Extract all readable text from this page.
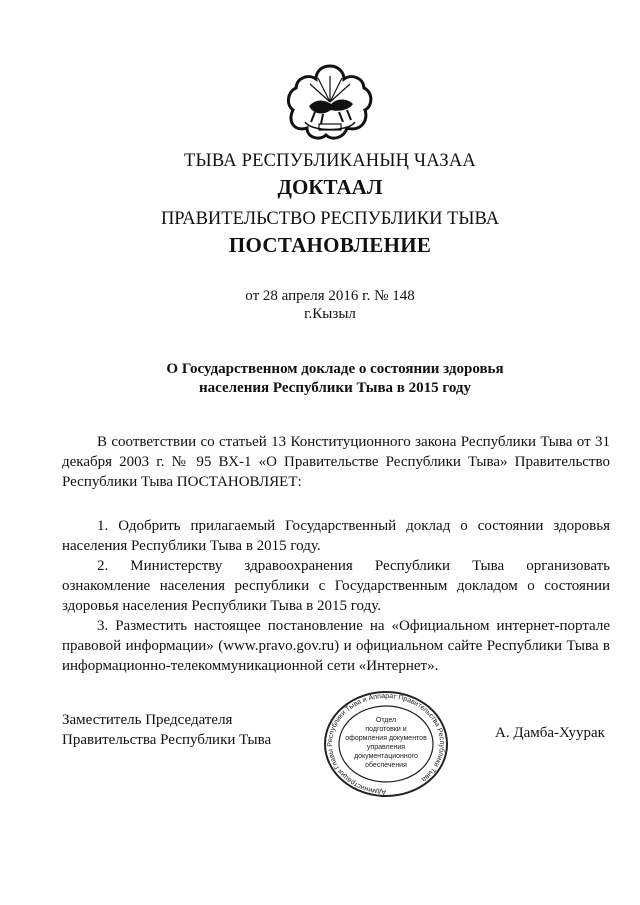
ТЫВА РЕСПУБЛИКАНЫҢ ЧАЗАА
ДОКТААЛ
ПРАВИТЕЛЬСТВО РЕСПУБЛИКИ ТЫВА
ПОСТАНОВЛЕНИЕ
от 28 апреля 2016 г. № 148
г.Кызыл
О Государственном докладе о состоянии здоровья
населения Республики Тыва в 2015 году
В соответствии со статьей 13 Конституционного закона Республики Тыва от 31 декабря 2003 г. № 95 ВХ-1 «О Правительстве Республики Тыва» Правительство Республики Тыва ПОСТАНОВЛЯЕТ:

1. Одобрить прилагаемый Государственный доклад о состоянии здоровья населения Республики Тыва в 2015 году.

2. Министерству здравоохранения Республики Тыва организовать ознакомление населения республики с Государственным докладом о состоянии здоровья населения Республики Тыва в 2015 году.

3. Разместить настоящее постановление на «Официальном интернет-портале правовой информации» (www.pravo.gov.ru) и официальном сайте Республики Тыва в информационно-телекоммуникационной сети «Интернет».

Заместитель Председателя
Правительства Республики Тыва
Администрация Главы Республики Тыва и Аппарат Правительства Республики Тыва
Отдел
подготовки и
оформления документов
управления
документационного
обеспечения
А. Дамба-Хуурак
